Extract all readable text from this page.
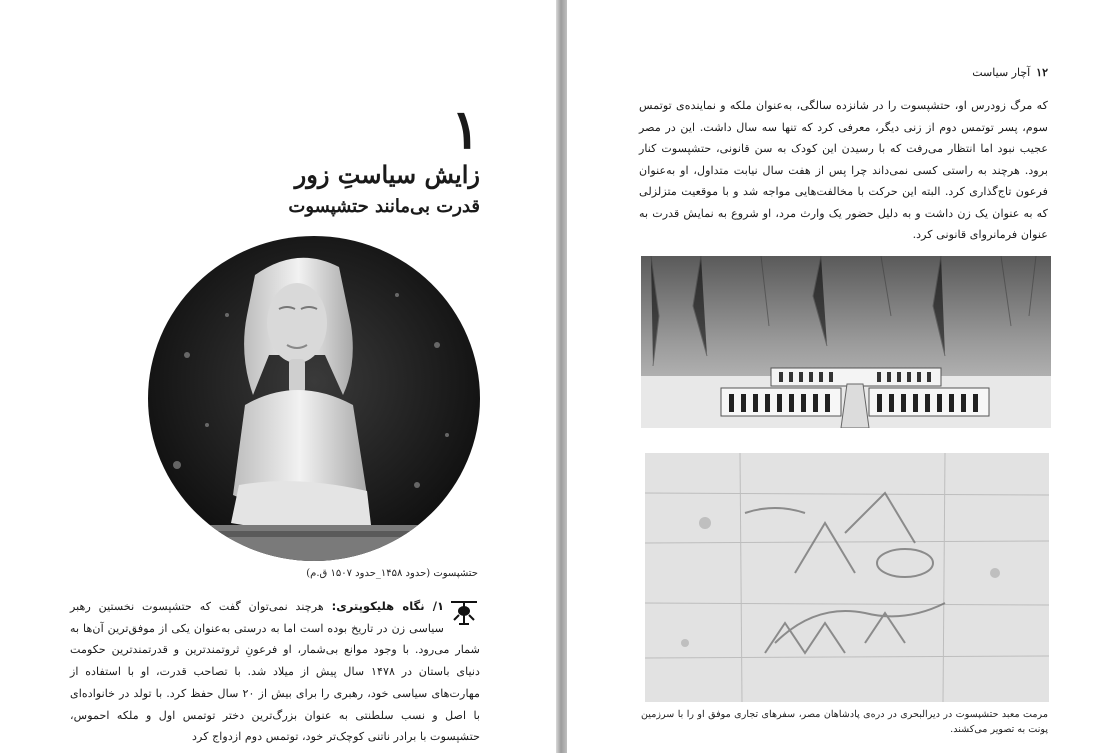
۱
زایش سیاستِ زور
قدرت بی‌مانند حتشپسوت
حتشپسوت (حدود ۱۴۵۸_حدود ۱۵۰۷ ق.م)
۱/ نگاه هلیکوپتری: هرچند نمی‌توان گفت که حتشپسوت نخستین رهبر سیاسی زن در تاریخ بوده است اما به درستی به‌عنوان یکی از موفق‌ترین آن‌ها به شمار می‌رود. با وجود موانع بی‌شمار، او فرعونِ ثروتمندترین و قدرتمندترین حکومت دنیای باستان در ۱۴۷۸ سال پیش از میلاد شد. با تصاحب قدرت، او با استفاده از مهارت‌های سیاسی خود، رهبری را برای بیش از ۲۰ سال حفظ کرد. با تولد در خانواده‌ای با اصل و نسب سلطنتی به عنوان بزرگ‌ترین دختر توتمس اول و ملکه احموس، حتشپسوت با برادر ناتنی کوچک‌تر خود، توتمس دوم ازدواج کرد
۱۲آچار سیاست
که مرگ زودرس او، حتشپسوت را در شانزده سالگی، به‌عنوان ملکه و نماینده‌ی توتمس سوم، پسر توتمس دوم از زنی دیگر، معرفی کرد که تنها سه سال داشت. این در مصر عجیب نبود اما انتظار می‌رفت که با رسیدن این کودک به سن قانونی، حتشپسوت کنار برود. هرچند به راستی کسی نمی‌داند چرا پس از هفت سال نیابت متداول، او به‌عنوان فرعون تاج‌گذاری کرد. البته این حرکت با مخالفت‌هایی مواجه شد و با موقعیت متزلزلی که به عنوان یک زن داشت و به دلیل حضور یک وارث مرد، او شروع به نمایش قدرت به عنوان فرمانروای قانونی کرد.
مرمت معبد حتشپسوت در دیرالبحری در دره‌ی پادشاهان مصر، سفرهای تجاری موفق او را با سرزمین پونت به تصویر می‌کشند.
